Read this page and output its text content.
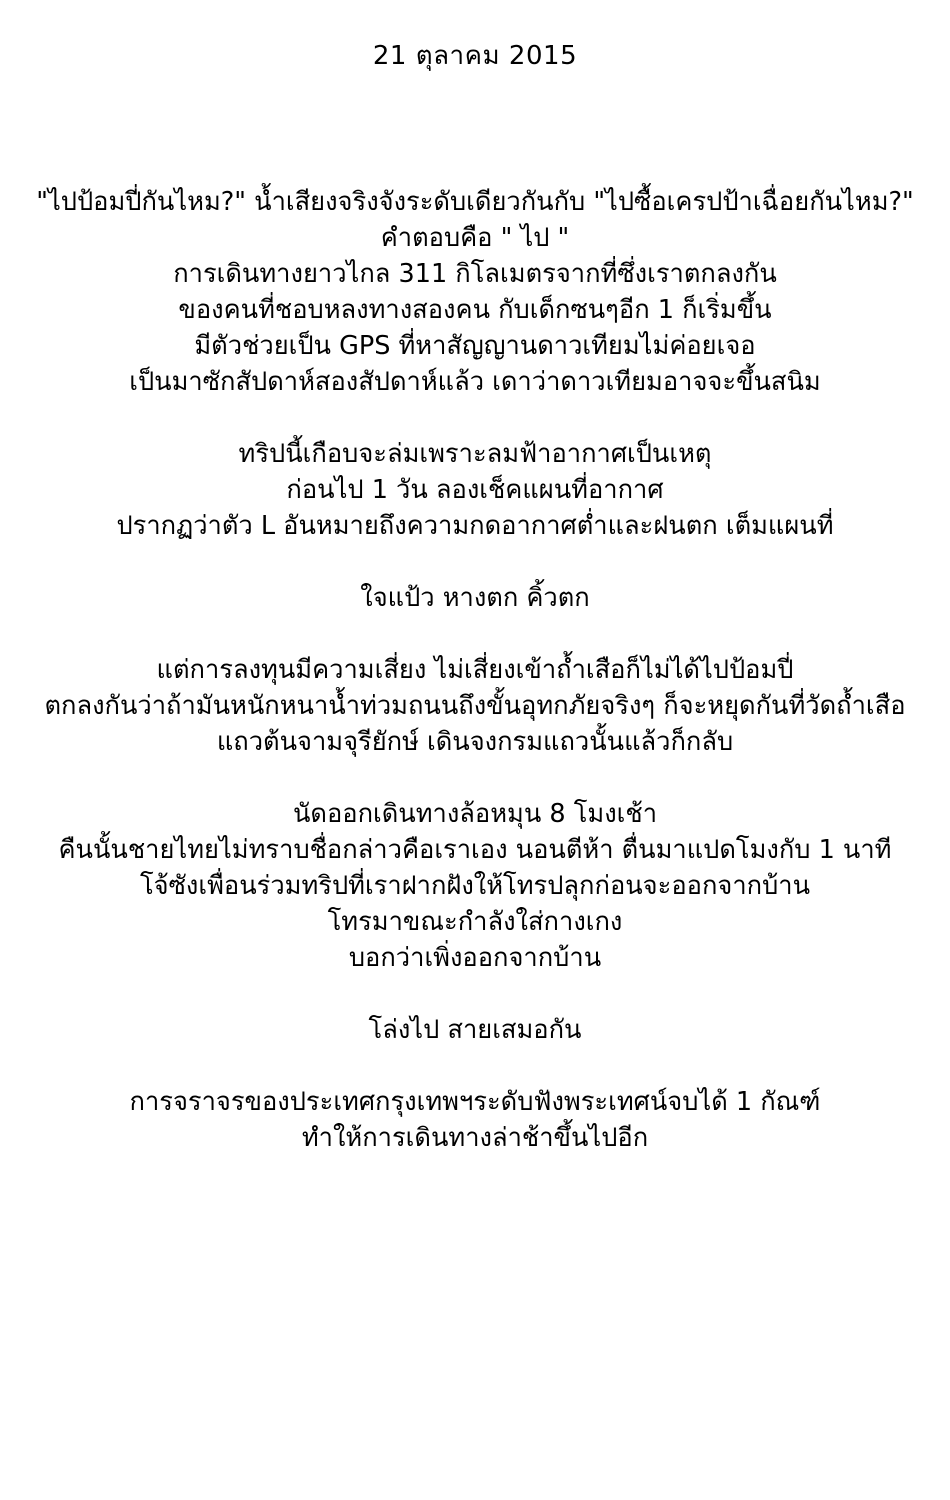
21 ตุลาคม 2015
"ไปป้อมปี่กันไหม?" น้ำเสียงจริงจังระดับเดียวกันกับ "ไปซื้อเครปป้าเฉื่อยกันไหม?"
คำตอบคือ " ไป "
การเดินทางยาวไกล 311 กิโลเมตรจากที่ซึ่งเราตกลงกัน
ของคนที่ชอบหลงทางสองคน กับเด็กซนๆอีก 1 ก็เริ่มขึ้น
มีตัวช่วยเป็น GPS ที่หาสัญญานดาวเทียมไม่ค่อยเจอ
เป็นมาซักสัปดาห์สองสัปดาห์แล้ว เดาว่าดาวเทียมอาจจะขึ้นสนิม
ทริปนี้เกือบจะล่มเพราะลมฟ้าอากาศเป็นเหตุ
ก่อนไป 1 วัน ลองเช็คแผนที่อากาศ
ปรากฏว่าตัว L อันหมายถึงความกดอากาศต่ำและฝนตก เต็มแผนที่
ใจแป้ว หางตก คิ้วตก
แต่การลงทุนมีความเสี่ยง ไม่เสี่ยงเข้าถ้ำเสือก็ไม่ได้ไปป้อมปี่
ตกลงกันว่าถ้ามันหนักหนาน้ำท่วมถนนถึงขั้นอุทกภัยจริงๆ ก็จะหยุดกันที่วัดถ้ำเสือ
แถวต้นจามจุรียักษ์ เดินจงกรมแถวนั้นแล้วก็กลับ
นัดออกเดินทางล้อหมุน 8 โมงเช้า
คืนนั้นชายไทยไม่ทราบชื่อกล่าวคือเราเอง นอนตีห้า ตื่นมาแปดโมงกับ 1 นาที
โจ้ซังเพื่อนร่วมทริปที่เราฝากฝังให้โทรปลุกก่อนจะออกจากบ้าน
โทรมาขณะกำลังใส่กางเกง
บอกว่าเพิ่งออกจากบ้าน
โล่งไป สายเสมอกัน
การจราจรของประเทศกรุงเทพฯระดับฟังพระเทศน์จบได้ 1 กัณฑ์
ทำให้การเดินทางล่าช้าขึ้นไปอีก
